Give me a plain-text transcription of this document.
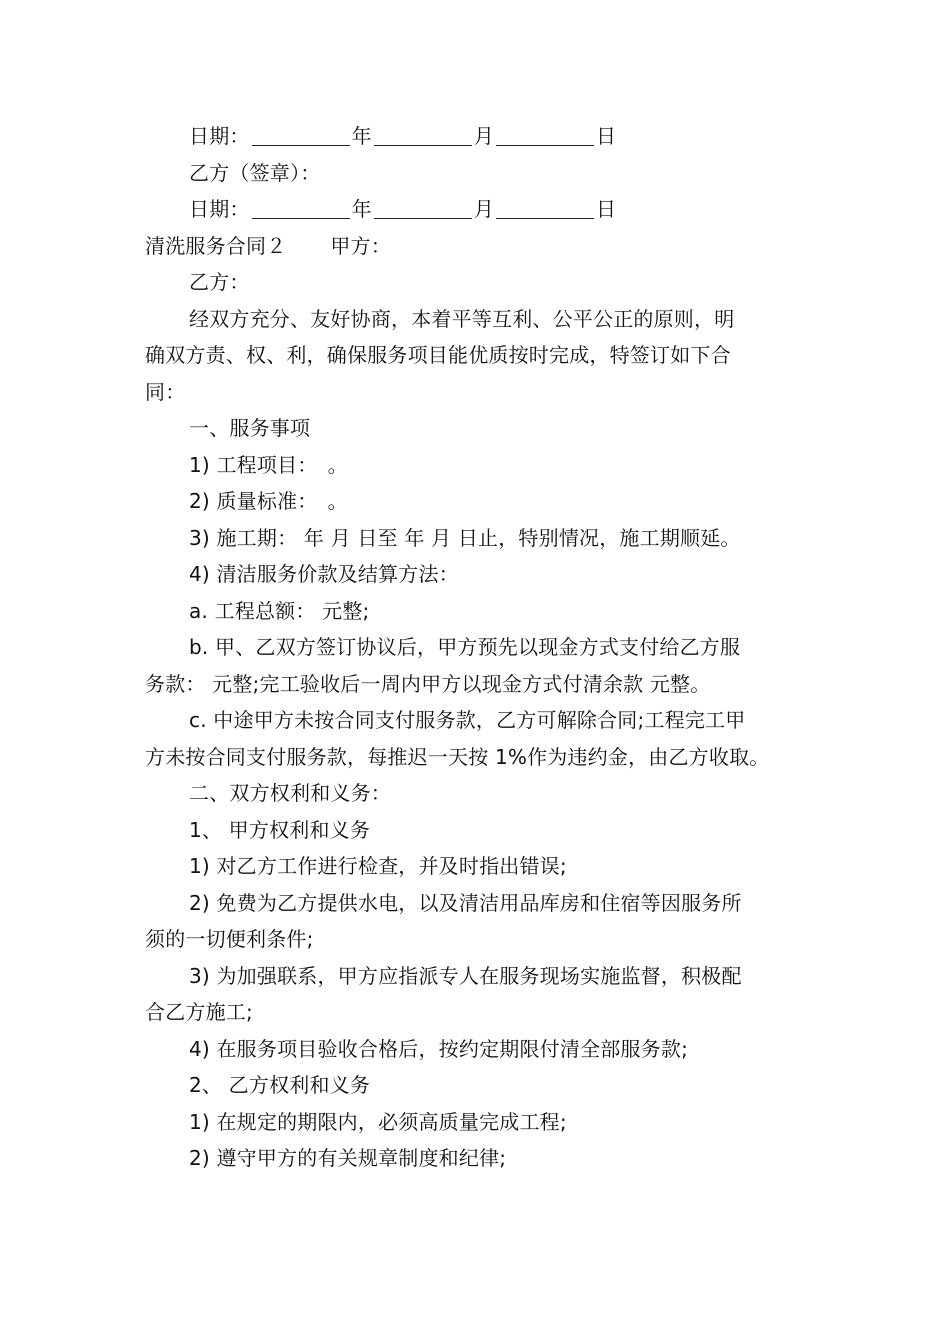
日期：	年	月	日
乙方（签章）：
日期：	年	月	日
清洗服务合同２ 甲方：
乙方：
经双方充分、友好协商，本着平等互利、公平公正的原则，明
确双方责、权、利，确保服务项目能优质按时完成，特签订如下合
同：
一、服务事项
1) 工程项目：　。
2) 质量标准：　。
3) 施工期： 年 月 日至 年 月 日止，特别情况，施工期顺延。
4) 清洁服务价款及结算方法：
a. 工程总额： 元整;
b. 甲、乙双方签订协议后，甲方预先以现金方式支付给乙方服
务款： 元整;完工验收后一周内甲方以现金方式付清余款 元整。
c. 中途甲方未按合同支付服务款，乙方可解除合同;工程完工甲
方未按合同支付服务款，每推迟一天按 1%作为违约金，由乙方收取。
二、双方权利和义务：
1、 甲方权利和义务
1) 对乙方工作进行检查，并及时指出错误;
2) 免费为乙方提供水电，以及清洁用品库房和住宿等因服务所
须的一切便利条件;
3) 为加强联系，甲方应指派专人在服务现场实施监督，积极配
合乙方施工;
4) 在服务项目验收合格后，按约定期限付清全部服务款;
2、 乙方权利和义务
1) 在规定的期限内，必须高质量完成工程;
2) 遵守甲方的有关规章制度和纪律;
